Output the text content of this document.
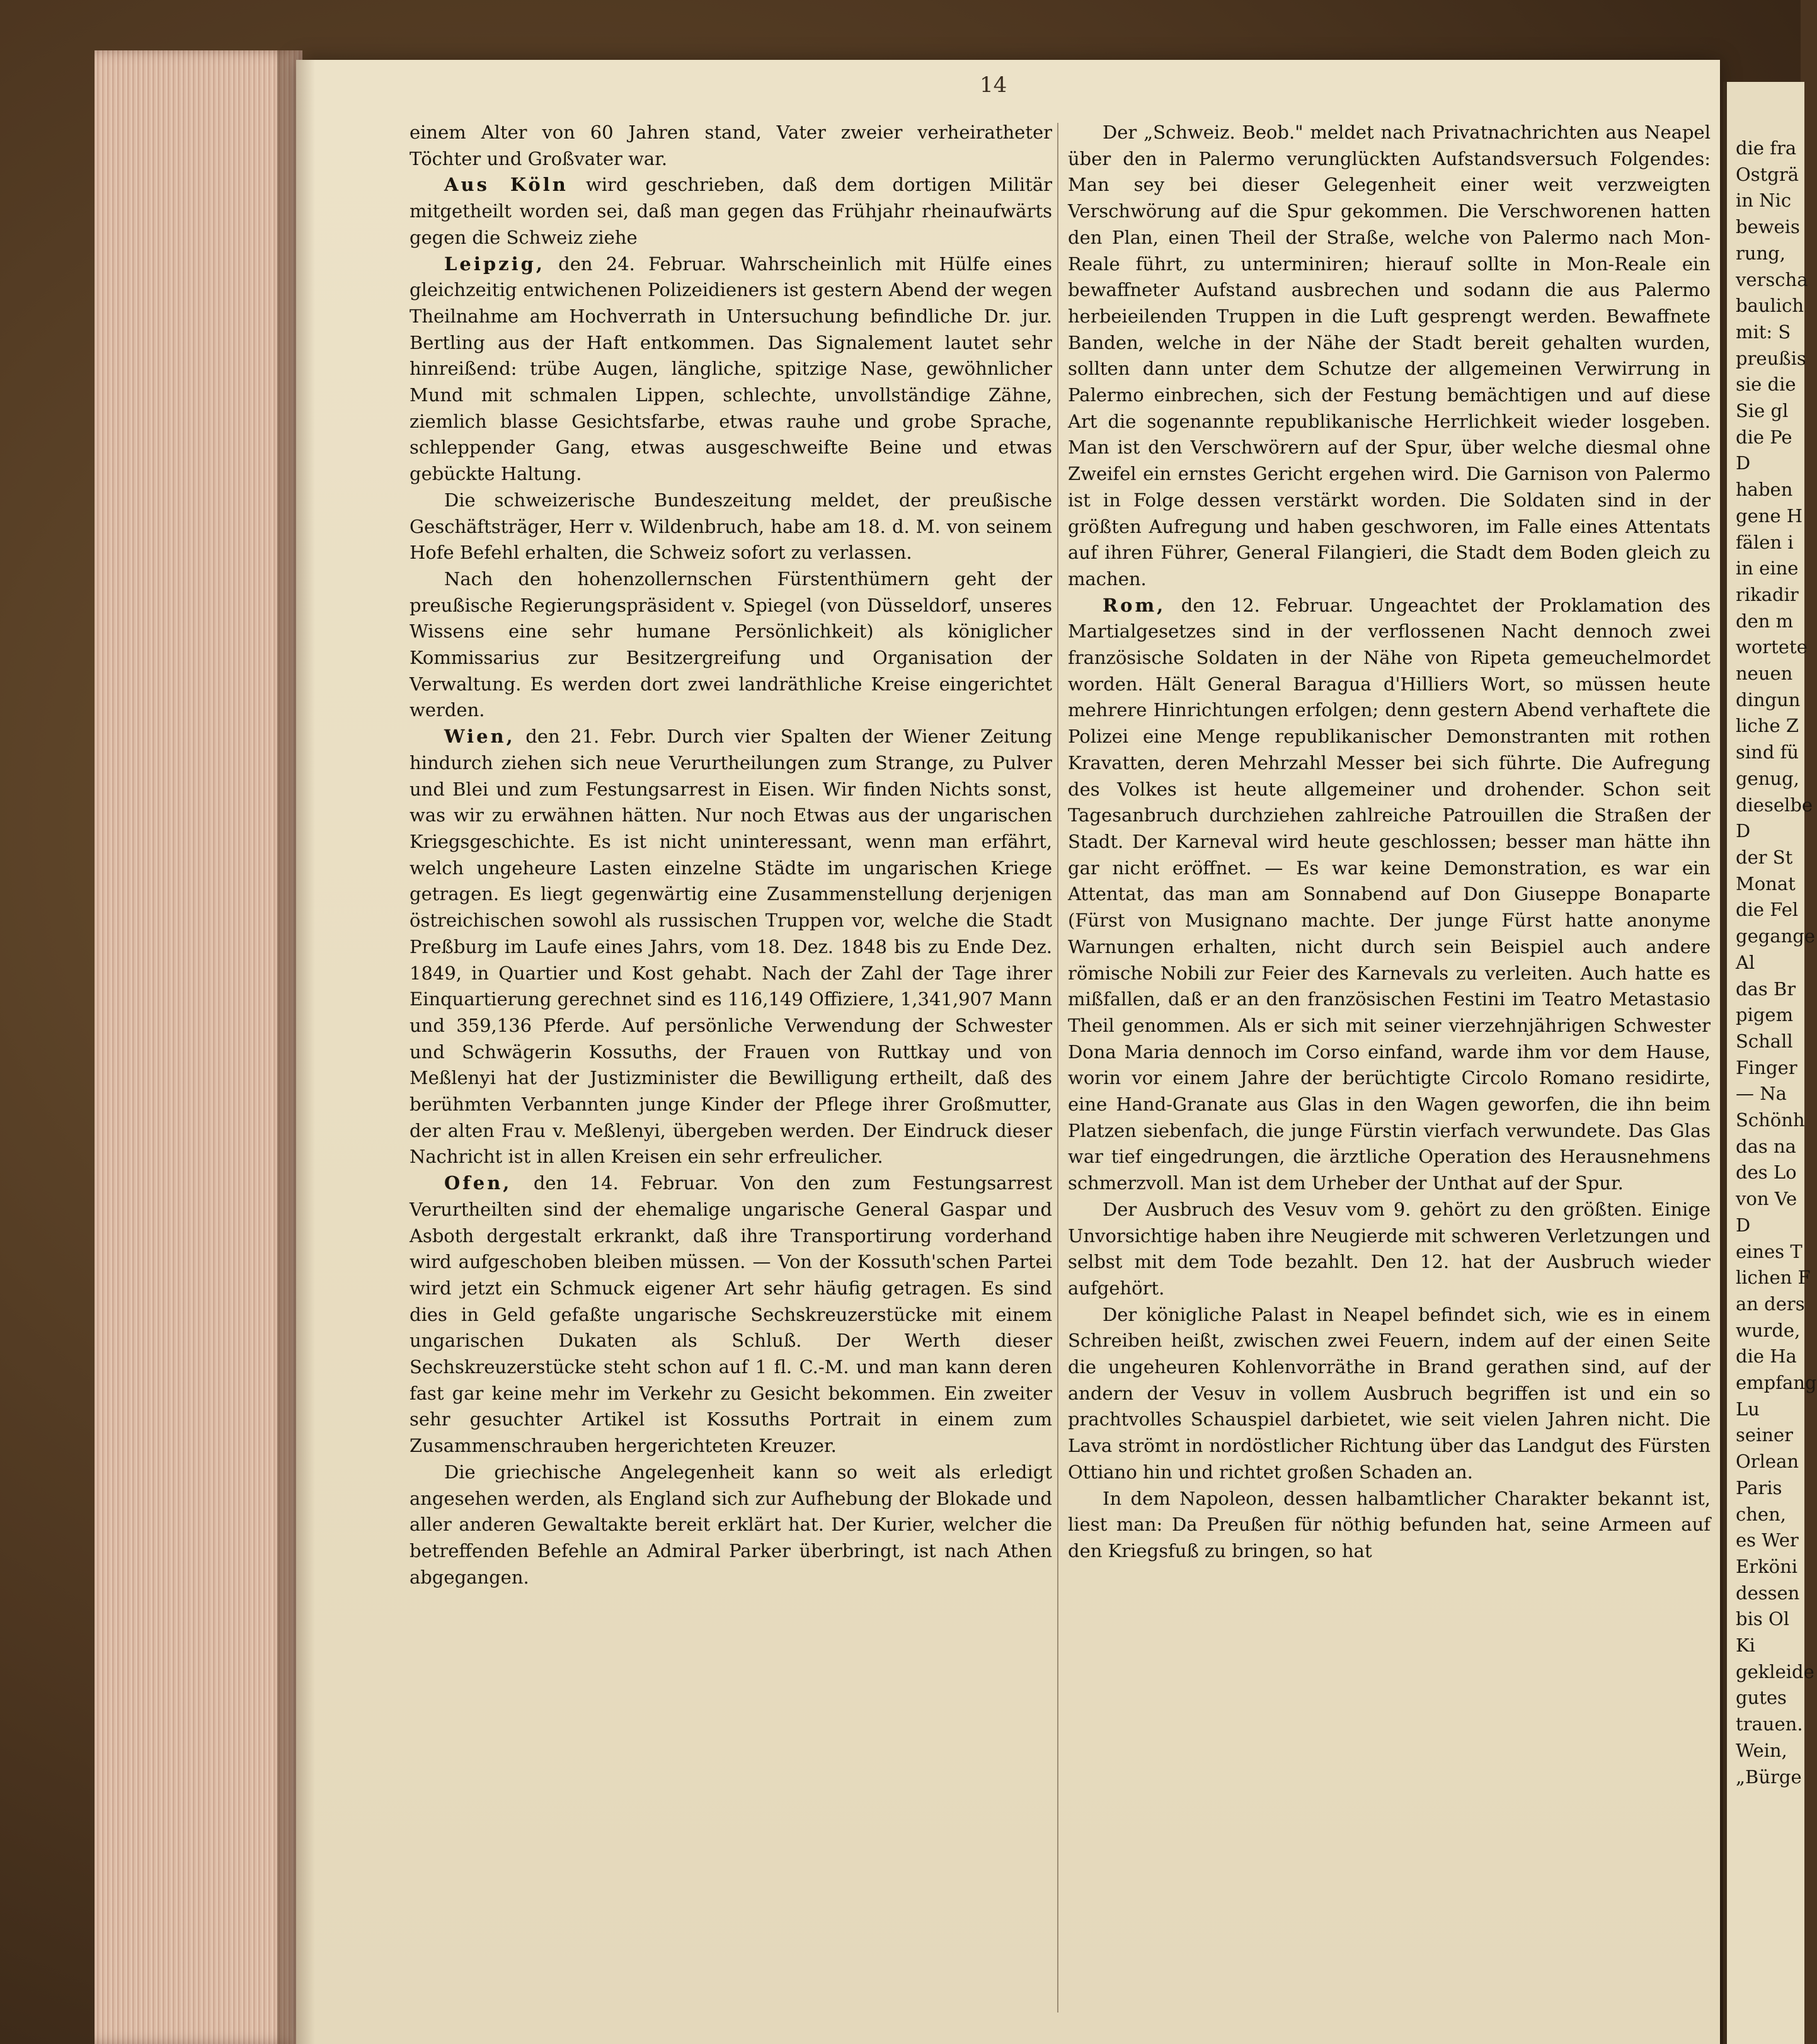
14

einem Alter von 60 Jahren stand, Vater zweier verheiratheter Töchter und Großvater war.

Aus Köln wird geschrieben, daß dem dortigen Militär mitgetheilt worden sei, daß man gegen das Frühjahr rheinaufwärts gegen die Schweiz ziehe

Leipzig, den 24. Februar. Wahrscheinlich mit Hülfe eines gleichzeitig entwichenen Polizeidieners ist gestern Abend der wegen Theilnahme am Hochverrath in Untersuchung befindliche Dr. jur. Bertling aus der Haft entkommen. Das Signalement lautet sehr hinreißend: trübe Augen, längliche, spitzige Nase, gewöhnlicher Mund mit schmalen Lippen, schlechte, unvollständige Zähne, ziemlich blasse Gesichtsfarbe, etwas rauhe und grobe Sprache, schleppender Gang, etwas ausgeschweifte Beine und etwas gebückte Haltung.

Die schweizerische Bundeszeitung meldet, der preußische Geschäftsträger, Herr v. Wildenbruch, habe am 18. d. M. von seinem Hofe Befehl erhalten, die Schweiz sofort zu verlassen.

Nach den hohenzollernschen Fürstenthümern geht der preußische Regierungspräsident v. Spiegel (von Düsseldorf, unseres Wissens eine sehr humane Persönlichkeit) als königlicher Kommissarius zur Besitzergreifung und Organisation der Verwaltung. Es werden dort zwei landräthliche Kreise eingerichtet werden.

Wien, den 21. Febr. Durch vier Spalten der Wiener Zeitung hindurch ziehen sich neue Verurtheilungen zum Strange, zu Pulver und Blei und zum Festungsarrest in Eisen. Wir finden Nichts sonst, was wir zu erwähnen hätten. Nur noch Etwas aus der ungarischen Kriegsgeschichte. Es ist nicht uninteressant, wenn man erfährt, welch ungeheure Lasten einzelne Städte im ungarischen Kriege getragen. Es liegt gegenwärtig eine Zusammenstellung derjenigen östreichischen sowohl als russischen Truppen vor, welche die Stadt Preßburg im Laufe eines Jahrs, vom 18. Dez. 1848 bis zu Ende Dez. 1849, in Quartier und Kost gehabt. Nach der Zahl der Tage ihrer Einquartierung gerechnet sind es 116,149 Offiziere, 1,341,907 Mann und 359,136 Pferde. Auf persönliche Verwendung der Schwester und Schwägerin Kossuths, der Frauen von Ruttkay und von Meßlenyi hat der Justizminister die Bewilligung ertheilt, daß des berühmten Verbannten junge Kinder der Pflege ihrer Großmutter, der alten Frau v. Meßlenyi, übergeben werden. Der Eindruck dieser Nachricht ist in allen Kreisen ein sehr erfreulicher.

Ofen, den 14. Februar. Von den zum Festungsarrest Verurtheilten sind der ehemalige ungarische General Gaspar und Asboth dergestalt erkrankt, daß ihre Transportirung vorderhand wird aufgeschoben bleiben müssen. — Von der Kossuth'schen Partei wird jetzt ein Schmuck eigener Art sehr häufig getragen. Es sind dies in Geld gefaßte ungarische Sechskreuzerstücke mit einem ungarischen Dukaten als Schluß. Der Werth dieser Sechskreuzerstücke steht schon auf 1 fl. C.-M. und man kann deren fast gar keine mehr im Verkehr zu Gesicht bekommen. Ein zweiter sehr gesuchter Artikel ist Kossuths Portrait in einem zum Zusammenschrauben hergerichteten Kreuzer.

Die griechische Angelegenheit kann so weit als erledigt angesehen werden, als England sich zur Aufhebung der Blokade und aller anderen Gewaltakte bereit erklärt hat. Der Kurier, welcher die betreffenden Befehle an Admiral Parker überbringt, ist nach Athen abgegangen.

Der „Schweiz. Beob." meldet nach Privatnachrichten aus Neapel über den in Palermo verunglückten Aufstandsversuch Folgendes: Man sey bei dieser Gelegenheit einer weit verzweigten Verschwörung auf die Spur gekommen. Die Verschworenen hatten den Plan, einen Theil der Straße, welche von Palermo nach Mon-Reale führt, zu unterminiren; hierauf sollte in Mon-Reale ein bewaffneter Aufstand ausbrechen und sodann die aus Palermo herbeieilenden Truppen in die Luft gesprengt werden. Bewaffnete Banden, welche in der Nähe der Stadt bereit gehalten wurden, sollten dann unter dem Schutze der allgemeinen Verwirrung in Palermo einbrechen, sich der Festung bemächtigen und auf diese Art die sogenannte republikanische Herrlichkeit wieder losgeben. Man ist den Verschwörern auf der Spur, über welche diesmal ohne Zweifel ein ernstes Gericht ergehen wird. Die Garnison von Palermo ist in Folge dessen verstärkt worden. Die Soldaten sind in der größten Aufregung und haben geschworen, im Falle eines Attentats auf ihren Führer, General Filangieri, die Stadt dem Boden gleich zu machen.

Rom, den 12. Februar. Ungeachtet der Proklamation des Martialgesetzes sind in der verflossenen Nacht dennoch zwei französische Soldaten in der Nähe von Ripeta gemeuchelmordet worden. Hält General Baragua d'Hilliers Wort, so müssen heute mehrere Hinrichtungen erfolgen; denn gestern Abend verhaftete die Polizei eine Menge republikanischer Demonstranten mit rothen Kravatten, deren Mehrzahl Messer bei sich führte. Die Aufregung des Volkes ist heute allgemeiner und drohender. Schon seit Tagesanbruch durchziehen zahlreiche Patrouillen die Straßen der Stadt. Der Karneval wird heute geschlossen; besser man hätte ihn gar nicht eröffnet. — Es war keine Demonstration, es war ein Attentat, das man am Sonnabend auf Don Giuseppe Bonaparte (Fürst von Musignano machte. Der junge Fürst hatte anonyme Warnungen erhalten, nicht durch sein Beispiel auch andere römische Nobili zur Feier des Karnevals zu verleiten. Auch hatte es mißfallen, daß er an den französischen Festini im Teatro Metastasio Theil genommen. Als er sich mit seiner vierzehnjährigen Schwester Dona Maria dennoch im Corso einfand, warde ihm vor dem Hause, worin vor einem Jahre der berüchtigte Circolo Romano residirte, eine Hand-Granate aus Glas in den Wagen geworfen, die ihn beim Platzen siebenfach, die junge Fürstin vierfach verwundete. Das Glas war tief eingedrungen, die ärztliche Operation des Herausnehmens schmerzvoll. Man ist dem Urheber der Unthat auf der Spur.

Der Ausbruch des Vesuv vom 9. gehört zu den größten. Einige Unvorsichtige haben ihre Neugierde mit schweren Verletzungen und selbst mit dem Tode bezahlt. Den 12. hat der Ausbruch wieder aufgehört.

Der königliche Palast in Neapel befindet sich, wie es in einem Schreiben heißt, zwischen zwei Feuern, indem auf der einen Seite die ungeheuren Kohlenvorräthe in Brand gerathen sind, auf der andern der Vesuv in vollem Ausbruch begriffen ist und ein so prachtvolles Schauspiel darbietet, wie seit vielen Jahren nicht. Die Lava strömt in nordöstlicher Richtung über das Landgut des Fürsten Ottiano hin und richtet großen Schaden an.

In dem Napoleon, dessen halbamtlicher Charakter bekannt ist, liest man: Da Preußen für nöthig befunden hat, seine Armeen auf den Kriegsfuß zu bringen, so hat

die fra
Ostgrä
in Nic
beweis
rung,
verscha
baulich
mit: S
preußis
sie die
Sie gl
die Pe
D
haben
gene H
fälen i
in eine
rikadir
den m
wortete
neuen
dingun
liche Z
sind fü
genug,
dieselbe
D
der St
Monat
die Fel
gegange
Al
das Br
pigem
Schall
Finger
— Na
Schönh
das na
des Lo
von Ve
D
eines T
lichen F
an ders
wurde,
die Ha
empfang
Lu
seiner
Orlean
Paris
chen,
es Wer
Erköni
dessen
bis Ol
Ki
gekleide
gutes
trauen.
Wein,
„Bürge
